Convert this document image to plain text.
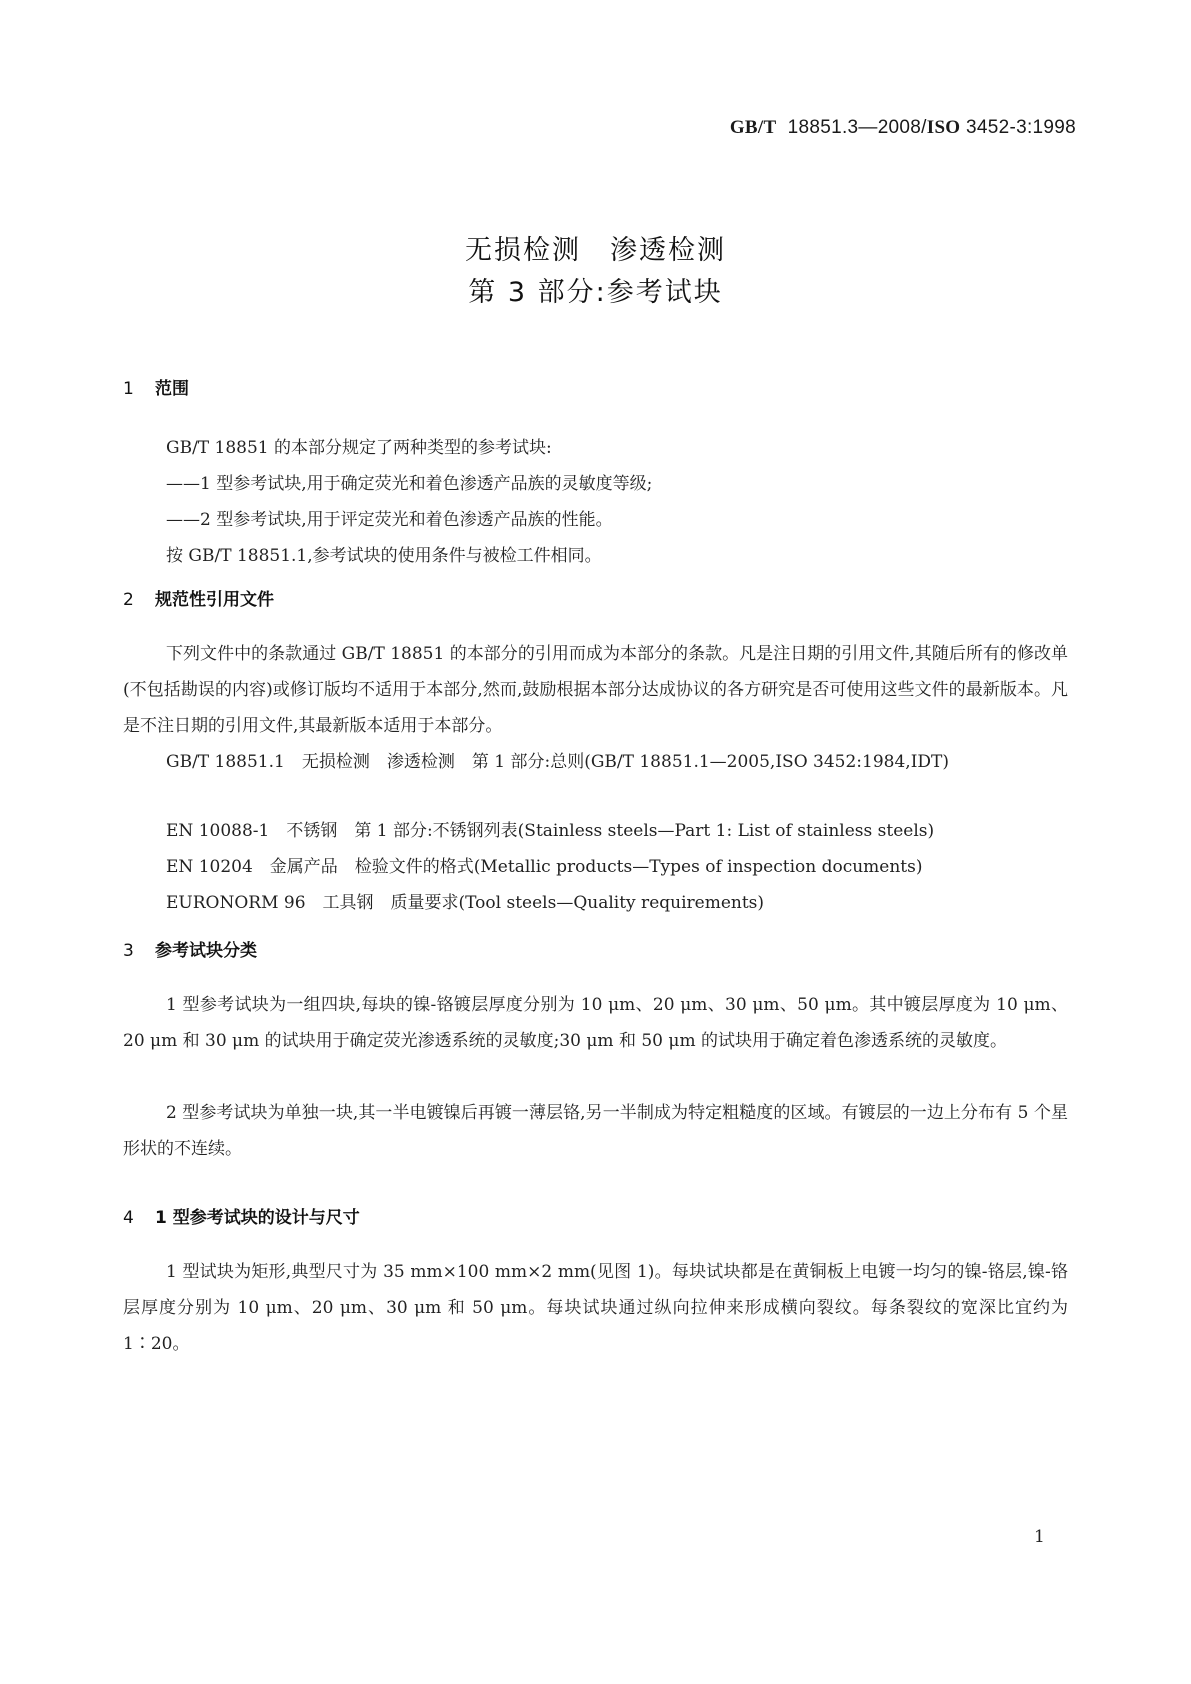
GB/T 18851.3—2008/ISO 3452-3:1998
无损检测　渗透检测
第 3 部分:参考试块
1 范围
GB/T 18851 的本部分规定了两种类型的参考试块:
——1 型参考试块,用于确定荧光和着色渗透产品族的灵敏度等级;
——2 型参考试块,用于评定荧光和着色渗透产品族的性能。
按 GB/T 18851.1,参考试块的使用条件与被检工件相同。
2 规范性引用文件
下列文件中的条款通过 GB/T 18851 的本部分的引用而成为本部分的条款。凡是注日期的引用文件,其随后所有的修改单(不包括勘误的内容)或修订版均不适用于本部分,然而,鼓励根据本部分达成协议的各方研究是否可使用这些文件的最新版本。凡是不注日期的引用文件,其最新版本适用于本部分。
GB/T 18851.1　无损检测　渗透检测　第 1 部分:总则(GB/T 18851.1—2005,ISO 3452:1984,IDT)
EN 10088-1　不锈钢　第 1 部分:不锈钢列表(Stainless steels—Part 1: List of stainless steels)
EN 10204　金属产品　检验文件的格式(Metallic products—Types of inspection documents)
EURONORM 96　工具钢　质量要求(Tool steels—Quality requirements)
3 参考试块分类
1 型参考试块为一组四块,每块的镍-铬镀层厚度分别为 10 μm、20 μm、30 μm、50 μm。其中镀层厚度为 10 μm、20 μm 和 30 μm 的试块用于确定荧光渗透系统的灵敏度;30 μm 和 50 μm 的试块用于确定着色渗透系统的灵敏度。
2 型参考试块为单独一块,其一半电镀镍后再镀一薄层铬,另一半制成为特定粗糙度的区域。有镀层的一边上分布有 5 个星形状的不连续。
4 1 型参考试块的设计与尺寸
1 型试块为矩形,典型尺寸为 35 mm×100 mm×2 mm(见图 1)。每块试块都是在黄铜板上电镀一均匀的镍-铬层,镍-铬层厚度分别为 10 μm、20 μm、30 μm 和 50 μm。每块试块通过纵向拉伸来形成横向裂纹。每条裂纹的宽深比宜约为 1∶20。
1
